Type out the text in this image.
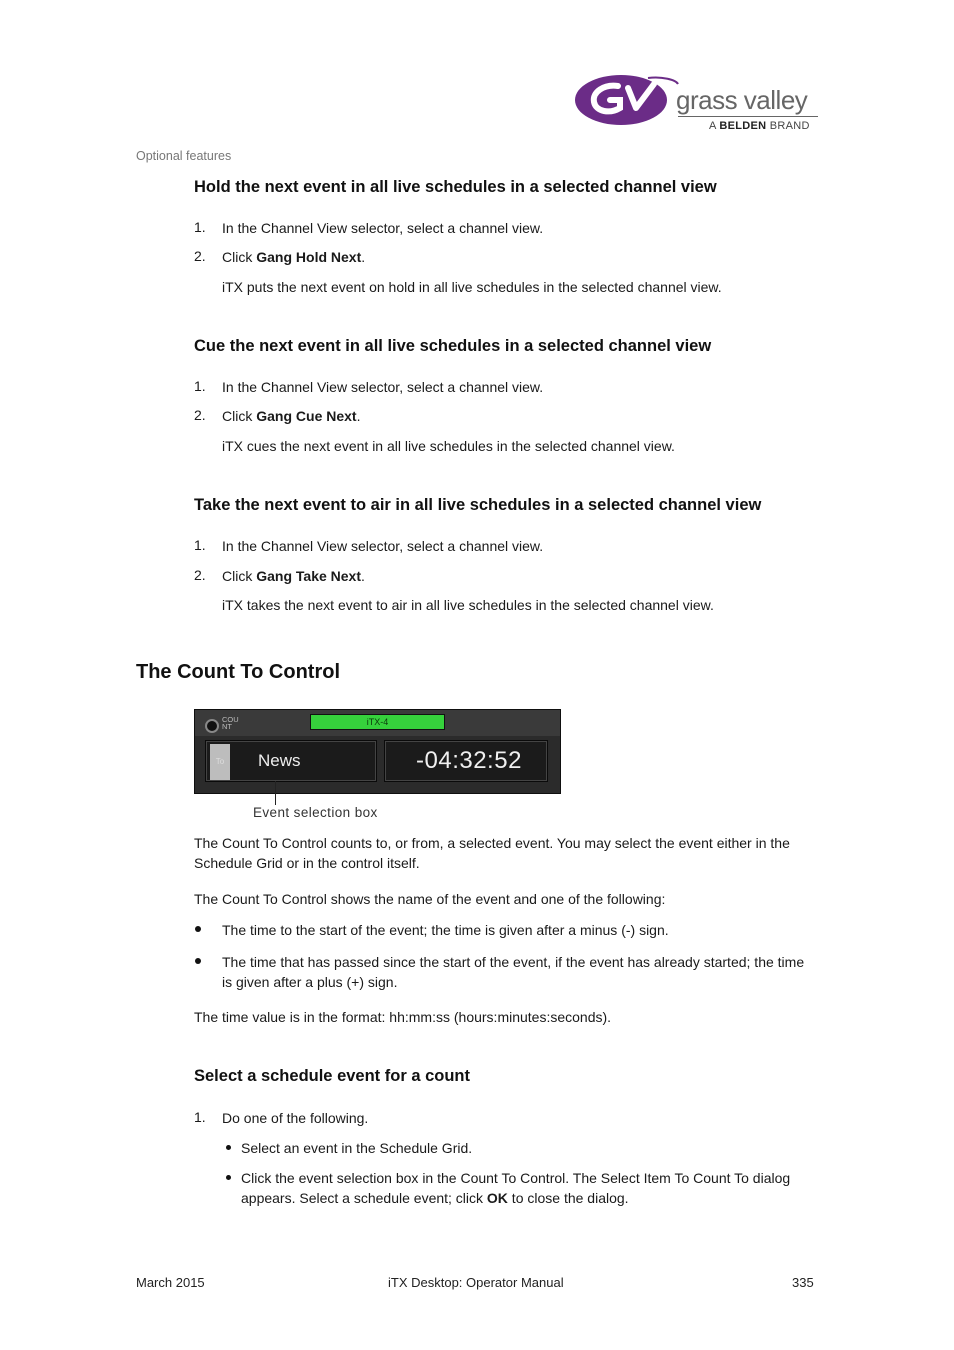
grass valley
A BELDEN BRAND
Optional features
Hold the next event in all live schedules in a selected channel view
1. In the Channel View selector, select a channel view.
2. Click Gang Hold Next.
iTX puts the next event on hold in all live schedules in the selected channel view.
Cue the next event in all live schedules in a selected channel view
1. In the Channel View selector, select a channel view.
2. Click Gang Cue Next.
iTX cues the next event in all live schedules in the selected channel view.
Take the next event to air in all live schedules in a selected channel view
1. In the Channel View selector, select a channel view.
2. Click Gang Take Next.
iTX takes the next event to air in all live schedules in the selected channel view.
The Count To Control
COU
NT	iTX-4
To	News	-04:32:52
Event selection box
The Count To Control counts to, or from, a selected event. You may select the event either in the Schedule Grid or in the control itself.
The Count To Control shows the name of the event and one of the following:
The time to the start of the event; the time is given after a minus (-) sign.
The time that has passed since the start of the event, if the event has already started; the time is given after a plus (+) sign.
The time value is in the format: hh:mm:ss (hours:minutes:seconds).
Select a schedule event for a count
1. Do one of the following.
Select an event in the Schedule Grid.
Click the event selection box in the Count To Control. The Select Item To Count To dialog appears. Select a schedule event; click OK to close the dialog.
March 2015	iTX Desktop: Operator Manual	335
